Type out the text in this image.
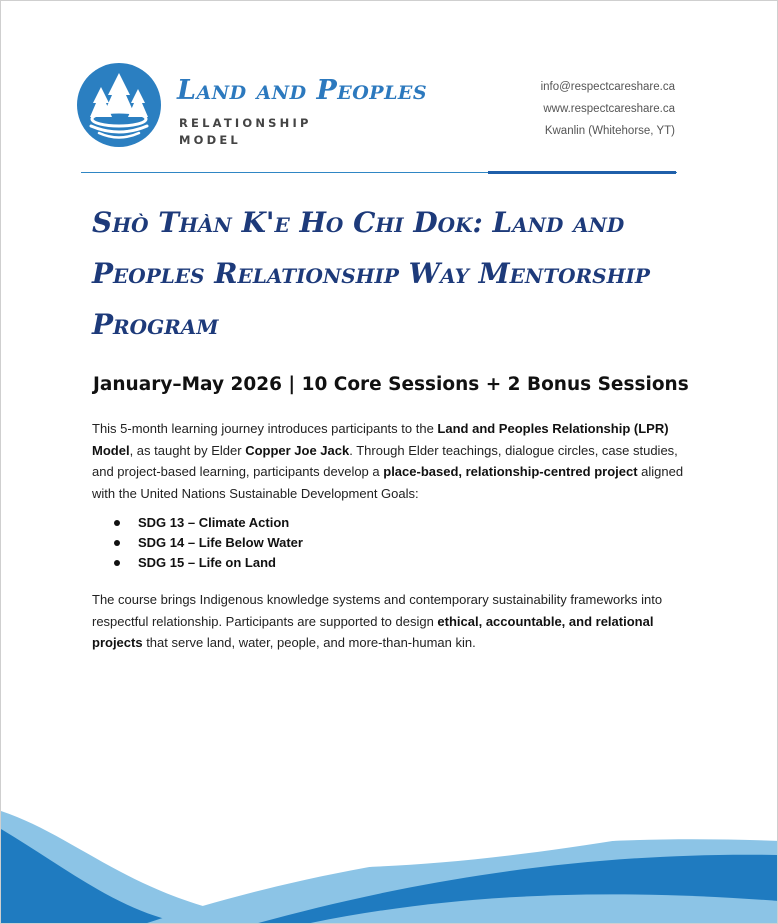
Land and Peoples
RELATIONSHIP
MODEL
info@respectcareshare.ca
www.respectcareshare.ca
Kwanlin (Whitehorse, YT)
Shò Thàn K'e Ho Chi Dok: Land and
Peoples Relationship Way Mentorship
Program
January–May 2026 | 10 Core Sessions + 2 Bonus Sessions

This 5-month learning journey introduces participants to the Land and Peoples Relationship (LPR) Model, as taught by Elder Copper Joe Jack. Through Elder teachings, dialogue circles, case studies, and project-based learning, participants develop a place-based, relationship-centred project aligned with the United Nations Sustainable Development Goals:

SDG 13 – Climate Action
SDG 14 – Life Below Water
SDG 15 – Life on Land

The course brings Indigenous knowledge systems and contemporary sustainability frameworks into respectful relationship. Participants are supported to design ethical, accountable, and relational projects that serve land, water, people, and more-than-human kin.
